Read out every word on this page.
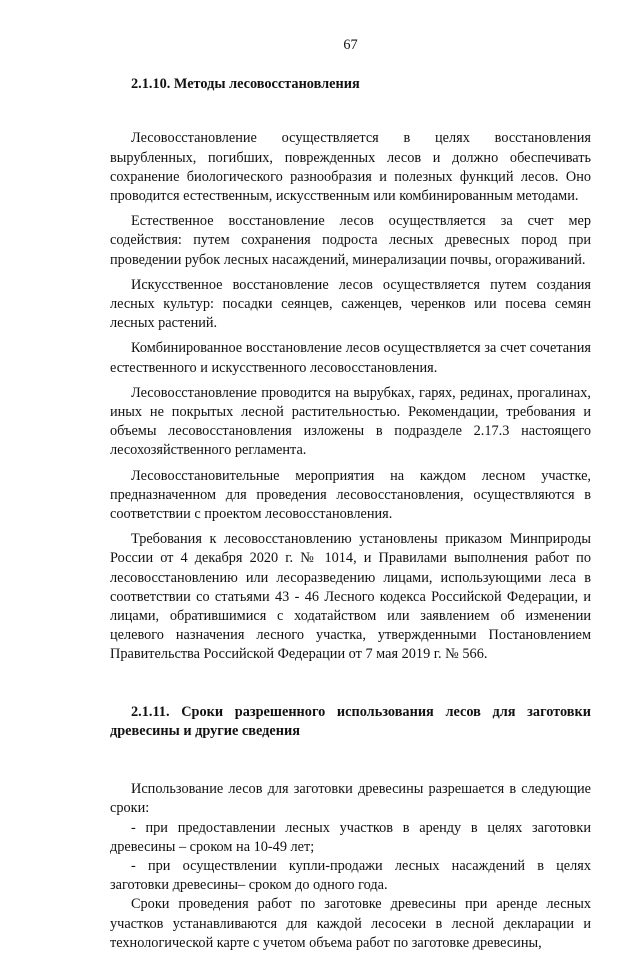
67
2.1.10. Методы лесовосстановления

Лесовосстановление осуществляется в целях восстановления вырубленных, погибших, поврежденных лесов и должно обеспечивать сохранение биологического разнообразия и полезных функций лесов. Оно проводится естественным, искусственным или комбинированным методами.

Естественное восстановление лесов осуществляется за счет мер содействия: путем сохранения подроста лесных древесных пород при проведении рубок лесных насаждений, минерализации почвы, огораживаний.

Искусственное восстановление лесов осуществляется путем создания лесных культур: посадки сеянцев, саженцев, черенков или посева семян лесных растений.

Комбинированное восстановление лесов осуществляется за счет сочетания естественного и искусственного лесовосстановления.

Лесовосстановление проводится на вырубках, гарях, рединах, прогалинах, иных не покрытых лесной растительностью. Рекомендации, требования и объемы лесовосстановления изложены в подразделе 2.17.3 настоящего лесохозяйственного регламента.

Лесовосстановительные мероприятия на каждом лесном участке, предназначенном для проведения лесовосстановления, осуществляются в соответствии с проектом лесовосстановления.

Требования к лесовосстановлению установлены приказом Минприроды России от 4 декабря 2020 г. № 1014, и Правилами выполнения работ по лесовосстановлению или лесоразведению лицами, использующими леса в соответствии со статьями 43 - 46 Лесного кодекса Российской Федерации, и лицами, обратившимися с ходатайством или заявлением об изменении целевого назначения лесного участка, утвержденными Постановлением Правительства Российской Федерации от 7 мая 2019 г. № 566.

2.1.11. Сроки разрешенного использования лесов для заготовки древесины и другие сведения

Использование лесов для заготовки древесины разрешается в следующие сроки:

- при предоставлении лесных участков в аренду в целях заготовки древесины – сроком на 10-49 лет;

- при осуществлении купли-продажи лесных насаждений в целях заготовки древесины– сроком до одного года.

Сроки проведения работ по заготовке древесины при аренде лесных участков устанавливаются для каждой лесосеки в лесной декларации и технологической карте с учетом объема работ по заготовке древесины,
